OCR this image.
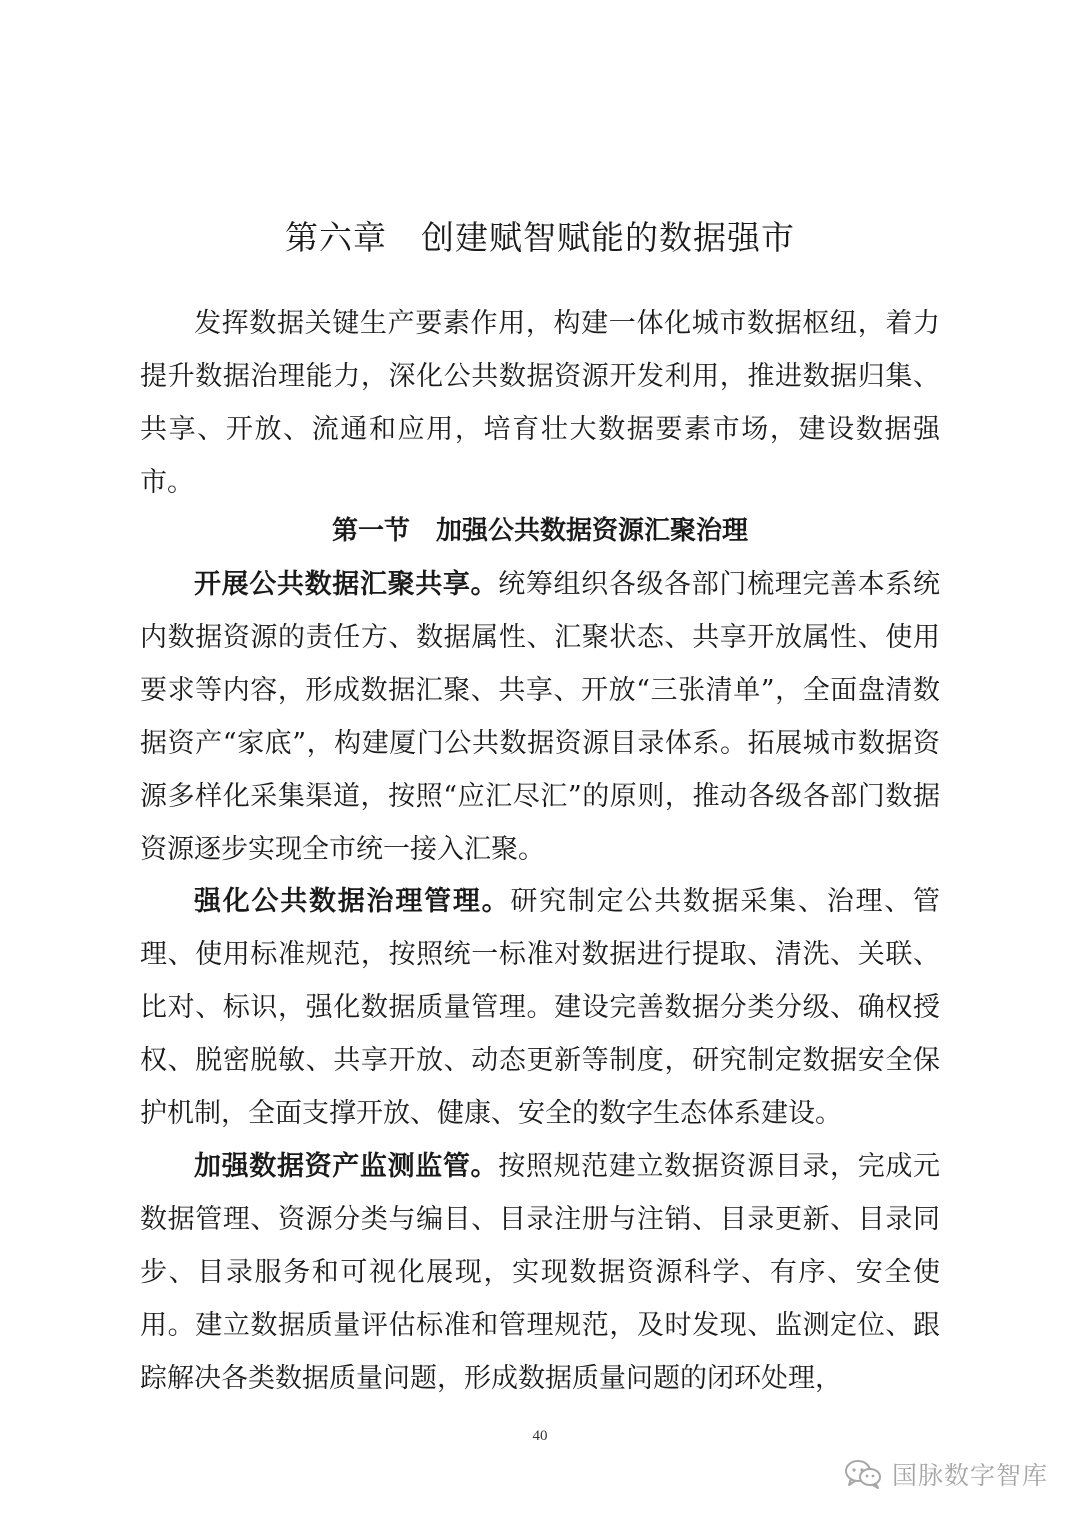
第六章　创建赋智赋能的数据强市

发挥数据关键生产要素作用，构建一体化城市数据枢纽，着力提升数据治理能力，深化公共数据资源开发利用，推进数据归集、共享、开放、流通和应用，培育壮大数据要素市场，建设数据强市。

第一节　加强公共数据资源汇聚治理

开展公共数据汇聚共享。统筹组织各级各部门梳理完善本系统内数据资源的责任方、数据属性、汇聚状态、共享开放属性、使用要求等内容，形成数据汇聚、共享、开放“三张清单”，全面盘清数据资产“家底”，构建厦门公共数据资源目录体系。拓展城市数据资源多样化采集渠道，按照“应汇尽汇”的原则，推动各级各部门数据资源逐步实现全市统一接入汇聚。

强化公共数据治理管理。研究制定公共数据采集、治理、管理、使用标准规范，按照统一标准对数据进行提取、清洗、关联、比对、标识，强化数据质量管理。建设完善数据分类分级、确权授权、脱密脱敏、共享开放、动态更新等制度，研究制定数据安全保护机制，全面支撑开放、健康、安全的数字生态体系建设。

加强数据资产监测监管。按照规范建立数据资源目录，完成元数据管理、资源分类与编目、目录注册与注销、目录更新、目录同步、目录服务和可视化展现，实现数据资源科学、有序、安全使用。建立数据质量评估标准和管理规范，及时发现、监测定位、跟踪解决各类数据质量问题，形成数据质量问题的闭环处理，

40
国脉数字智库
